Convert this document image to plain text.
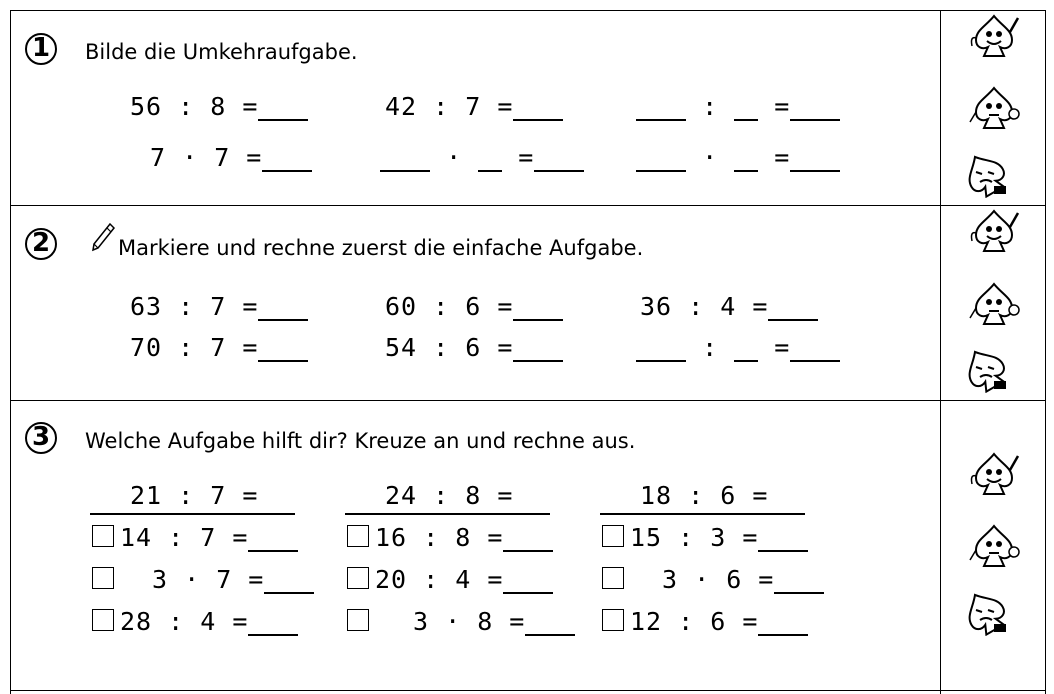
1	Bilde die Umkehraufgabe.
56 : 8 =	42 : 7 =	: =
7 · 7 =	· =	· =
2	Markiere und rechne zuerst die einfache Aufgabe.
63 : 7 =	60 : 6 =	36 : 4 =
70 : 7 =	54 : 6 =	: =
3	Welche Aufgabe hilft dir? Kreuze an und rechne aus.
21 : 7 =	24 : 8 =	18 : 6 =
14 : 7 =	16 : 8 =	15 : 3 =
3 · 7 =	20 : 4 =	3 · 6 =
28 : 4 =	3 · 8 =	12 : 6 =
